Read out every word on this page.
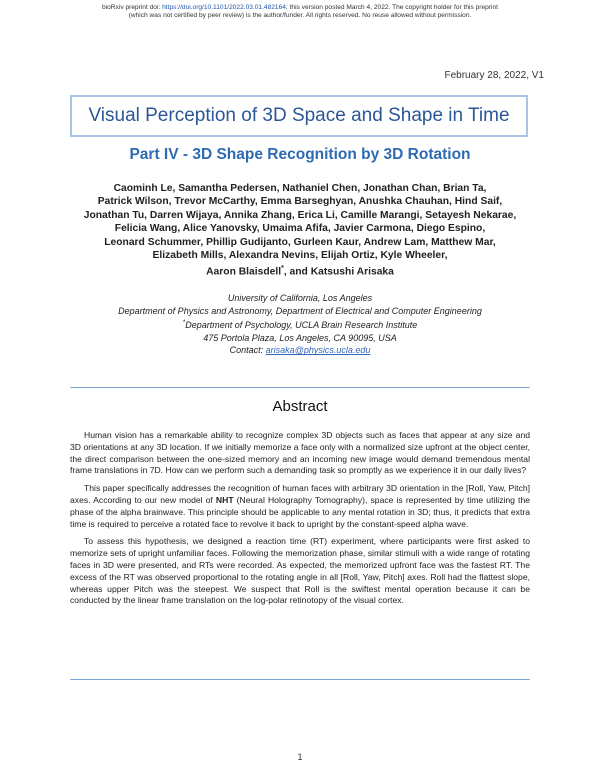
bioRxiv preprint doi: https://doi.org/10.1101/2022.03.01.482164; this version posted March 4, 2022. The copyright holder for this preprint
(which was not certified by peer review) is the author/funder. All rights reserved. No reuse allowed without permission.
February 28, 2022, V1
Visual Perception of 3D Space and Shape in Time
Part IV - 3D Shape Recognition by 3D Rotation
Caominh Le, Samantha Pedersen, Nathaniel Chen, Jonathan Chan, Brian Ta,
Patrick Wilson, Trevor McCarthy, Emma Barseghyan, Anushka Chauhan, Hind Saif,
Jonathan Tu, Darren Wijaya, Annika Zhang, Erica Li, Camille Marangi, Setayesh Nekarae,
Felicia Wang, Alice Yanovsky, Umaima Afifa, Javier Carmona, Diego Espino,
Leonard Schummer, Phillip Gudijanto, Gurleen Kaur, Andrew Lam, Matthew Mar,
Elizabeth Mills, Alexandra Nevins, Elijah Ortiz, Kyle Wheeler,
Aaron Blaisdell*, and Katsushi Arisaka
University of California, Los Angeles
Department of Physics and Astronomy, Department of Electrical and Computer Engineering
*Department of Psychology, UCLA Brain Research Institute
475 Portola Plaza, Los Angeles, CA 90095, USA
Contact: arisaka@physics.ucla.edu
Abstract

Human vision has a remarkable ability to recognize complex 3D objects such as faces that appear at any size and 3D orientations at any 3D location. If we initially memorize a face only with a normalized size upfront at the object center, the direct comparison between the one-sized memory and an incoming new image would demand tremendous mental frame translations in 7D. How can we perform such a demanding task so promptly as we experience it in our daily lives?

This paper specifically addresses the recognition of human faces with arbitrary 3D orientation in the [Roll, Yaw, Pitch] axes. According to our new model of NHT (Neural Holography Tomography), space is represented by time utilizing the phase of the alpha brainwave. This principle should be applicable to any mental rotation in 3D; thus, it predicts that extra time is required to perceive a rotated face to revolve it back to upright by the constant-speed alpha wave.

To assess this hypothesis, we designed a reaction time (RT) experiment, where participants were first asked to memorize sets of upright unfamiliar faces. Following the memorization phase, similar stimuli with a wide range of rotating faces in 3D were presented, and RTs were recorded. As expected, the memorized upfront face was the fastest RT. The excess of the RT was observed proportional to the rotating angle in all [Roll, Yaw, Pitch] axes. Roll had the flattest slope, whereas upper Pitch was the steepest. We suspect that Roll is the swiftest mental operation because it can be conducted by the linear frame translation on the log-polar retinotopy of the visual cortex.

1
